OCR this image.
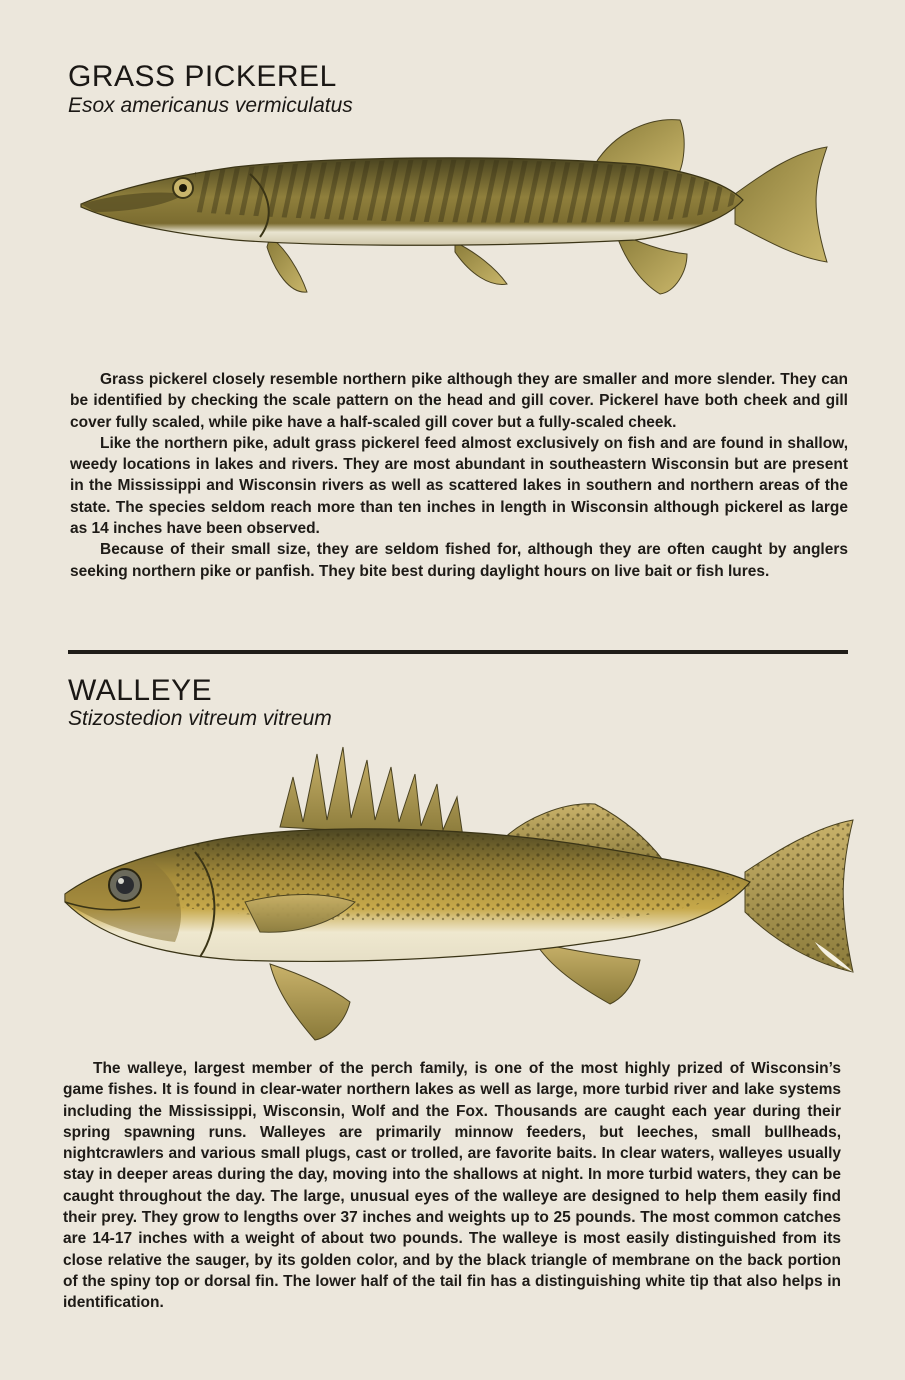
GRASS PICKEREL

Esox americanus vermiculatus

Grass pickerel closely resemble northern pike although they are smaller and more slender. They can be identified by checking the scale pattern on the head and gill cover. Pickerel have both cheek and gill cover fully scaled, while pike have a half-scaled gill cover but a fully-scaled cheek.

Like the northern pike, adult grass pickerel feed almost exclusively on fish and are found in shallow, weedy locations in lakes and rivers. They are most abundant in southeastern Wisconsin but are present in the Mississippi and Wisconsin rivers as well as scattered lakes in southern and northern areas of the state. The species seldom reach more than ten inches in length in Wisconsin although pickerel as large as 14 inches have been observed.

Because of their small size, they are seldom fished for, although they are often caught by anglers seeking northern pike or panfish. They bite best during daylight hours on live bait or fish lures.

WALLEYE

Stizostedion vitreum vitreum

The walleye, largest member of the perch family, is one of the most highly prized of Wisconsin’s game fishes. It is found in clear-water northern lakes as well as large, more turbid river and lake systems including the Mississippi, Wisconsin, Wolf and the Fox. Thousands are caught each year during their spring spawning runs. Walleyes are primarily minnow feeders, but leeches, small bullheads, nightcrawlers and various small plugs, cast or trolled, are favorite baits. In clear waters, walleyes usually stay in deeper areas during the day, moving into the shallows at night. In more turbid waters, they can be caught throughout the day. The large, unusual eyes of the walleye are designed to help them easily find their prey. They grow to lengths over 37 inches and weights up to 25 pounds. The most common catches are 14-17 inches with a weight of about two pounds. The walleye is most easily distinguished from its close relative the sauger, by its golden color, and by the black triangle of membrane on the back portion of the spiny top or dorsal fin. The lower half of the tail fin has a distinguishing white tip that also helps in identification.
